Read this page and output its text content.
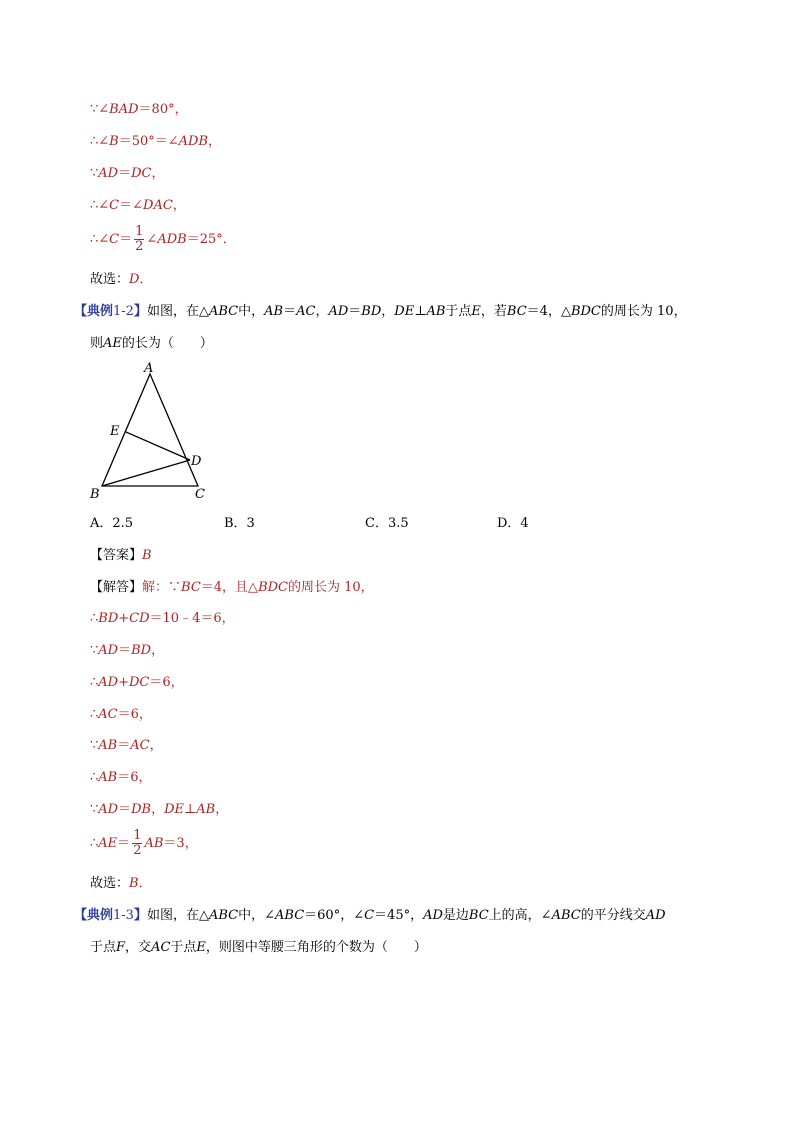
∵∠BAD＝80°，
∴∠B＝50°＝∠ADB，
∵AD＝DC，
∴∠C＝∠DAC，
∴∠C＝ $\frac{1}{2}$ ∠ADB＝25°．
故选：D．
【典例1-2】如图，在△ABC中，AB＝AC，AD＝BD，DE⊥AB于点E，若BC＝4，△BDC的周长为 10，
则AE的长为（　　）
A
E
D
B	C
A．2.5	B．3	C．3.5	D．4
【答案】B
【解答】解：∵BC＝4，且△BDC的周长为 10，
∴BD+CD＝10﹣4＝6，
∵AD＝BD，
∴AD+DC＝6，
∴AC＝6，
∵AB＝AC，
∴AB＝6，
∵AD＝DB，DE⊥AB，
∴AE＝ $\frac{1}{2} AB=3$，
故选：B．
【典例1-3】如图，在△ABC中，∠ABC＝60°，∠C＝45°，AD是边BC上的高，∠ABC的平分线交AD
于点F，交AC于点E，则图中等腰三角形的个数为（　　）
